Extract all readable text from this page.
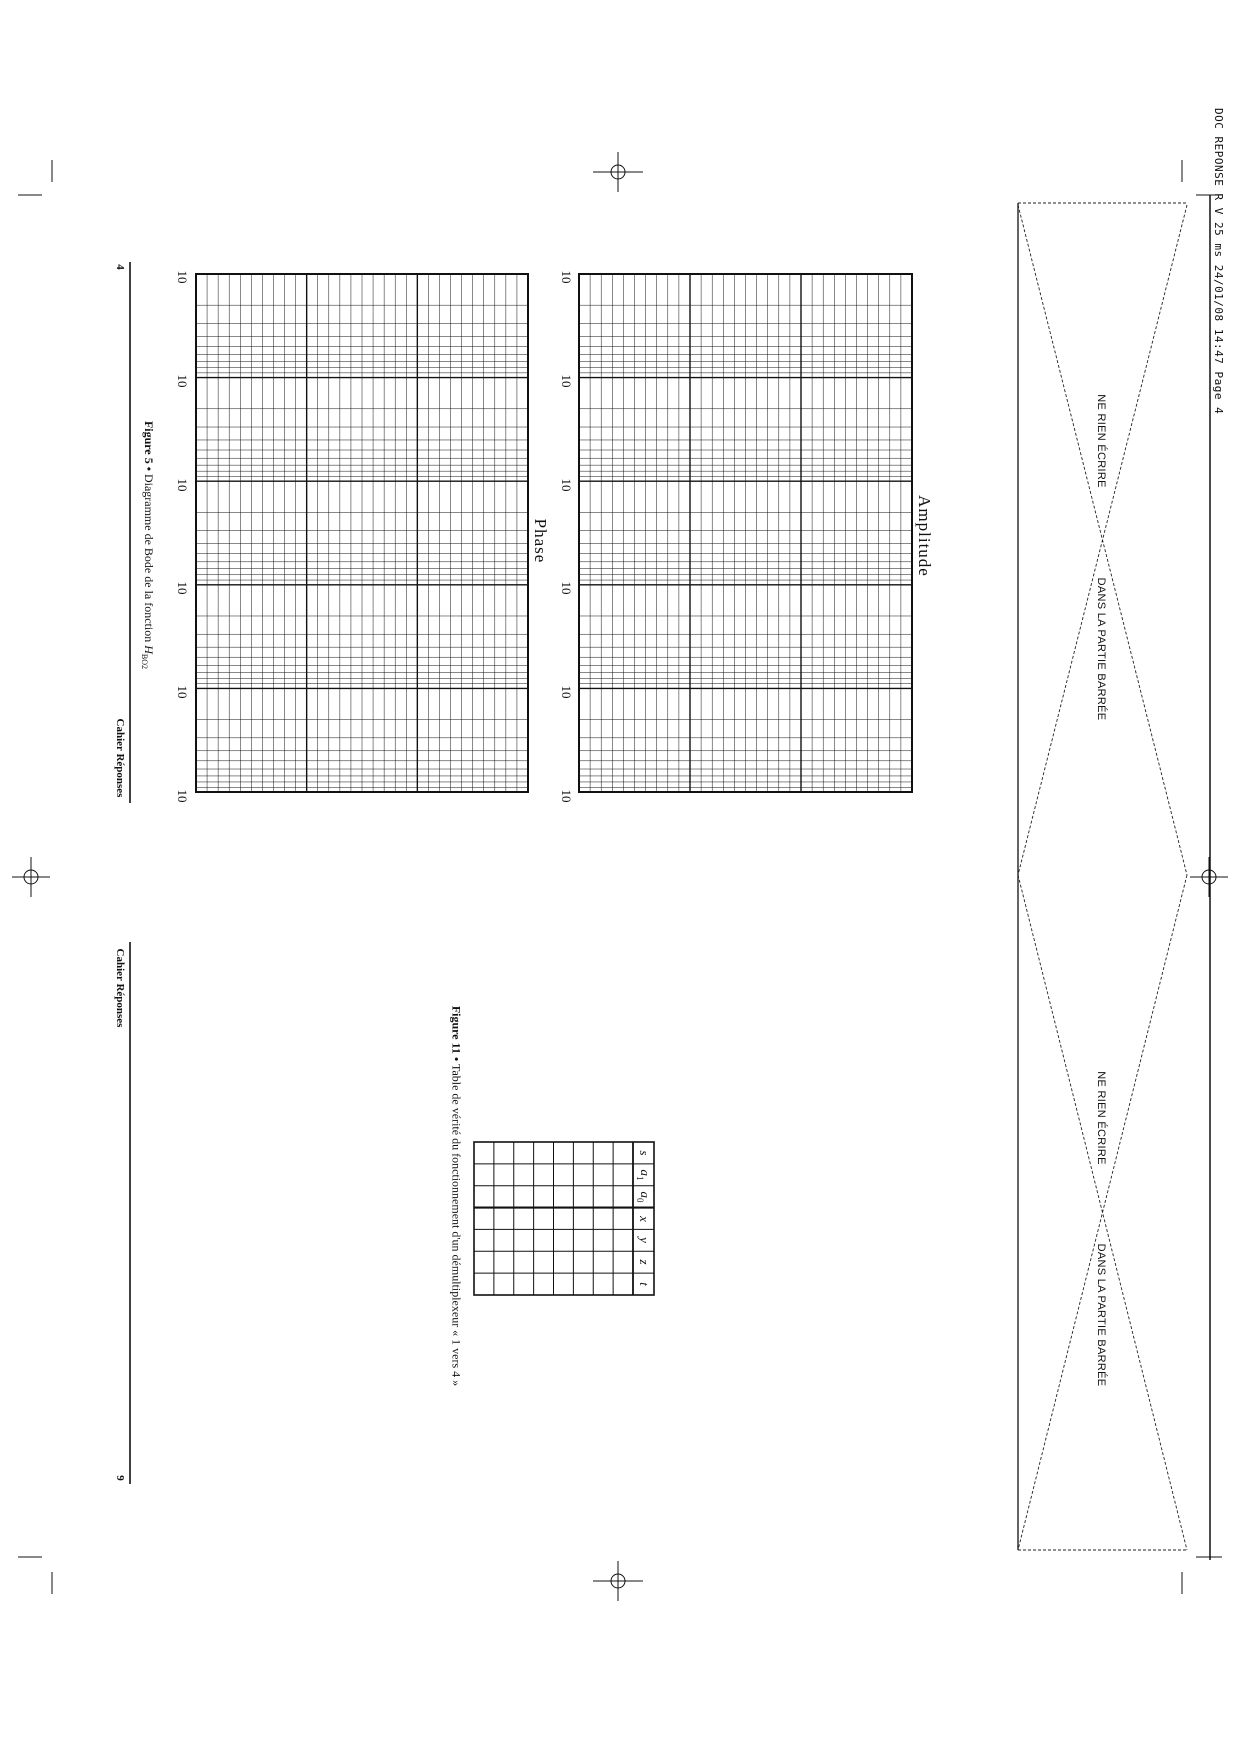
DOC REPONSE R V 25 ms 24/01/08 14:47 Page 4
NE RIEN ÉCRIRE
DANS LA PARTIE BARRÉE
NE RIEN ÉCRIRE
DANS LA PARTIE BARRÉE
Amplitude
Phase
10
10
10
10
10
10
10
10
10
10
10
10
Figure 5 • Diagramme de Bode de la fonction $H_{BO2}$
Cahier Réponses
4
s
$a_1$
$a_0$
x
y
z
t
Figure 11 • Table de vérité du fonctionnement d'un démultiplexeur « 1 vers 4 »
Cahier Réponses
9
